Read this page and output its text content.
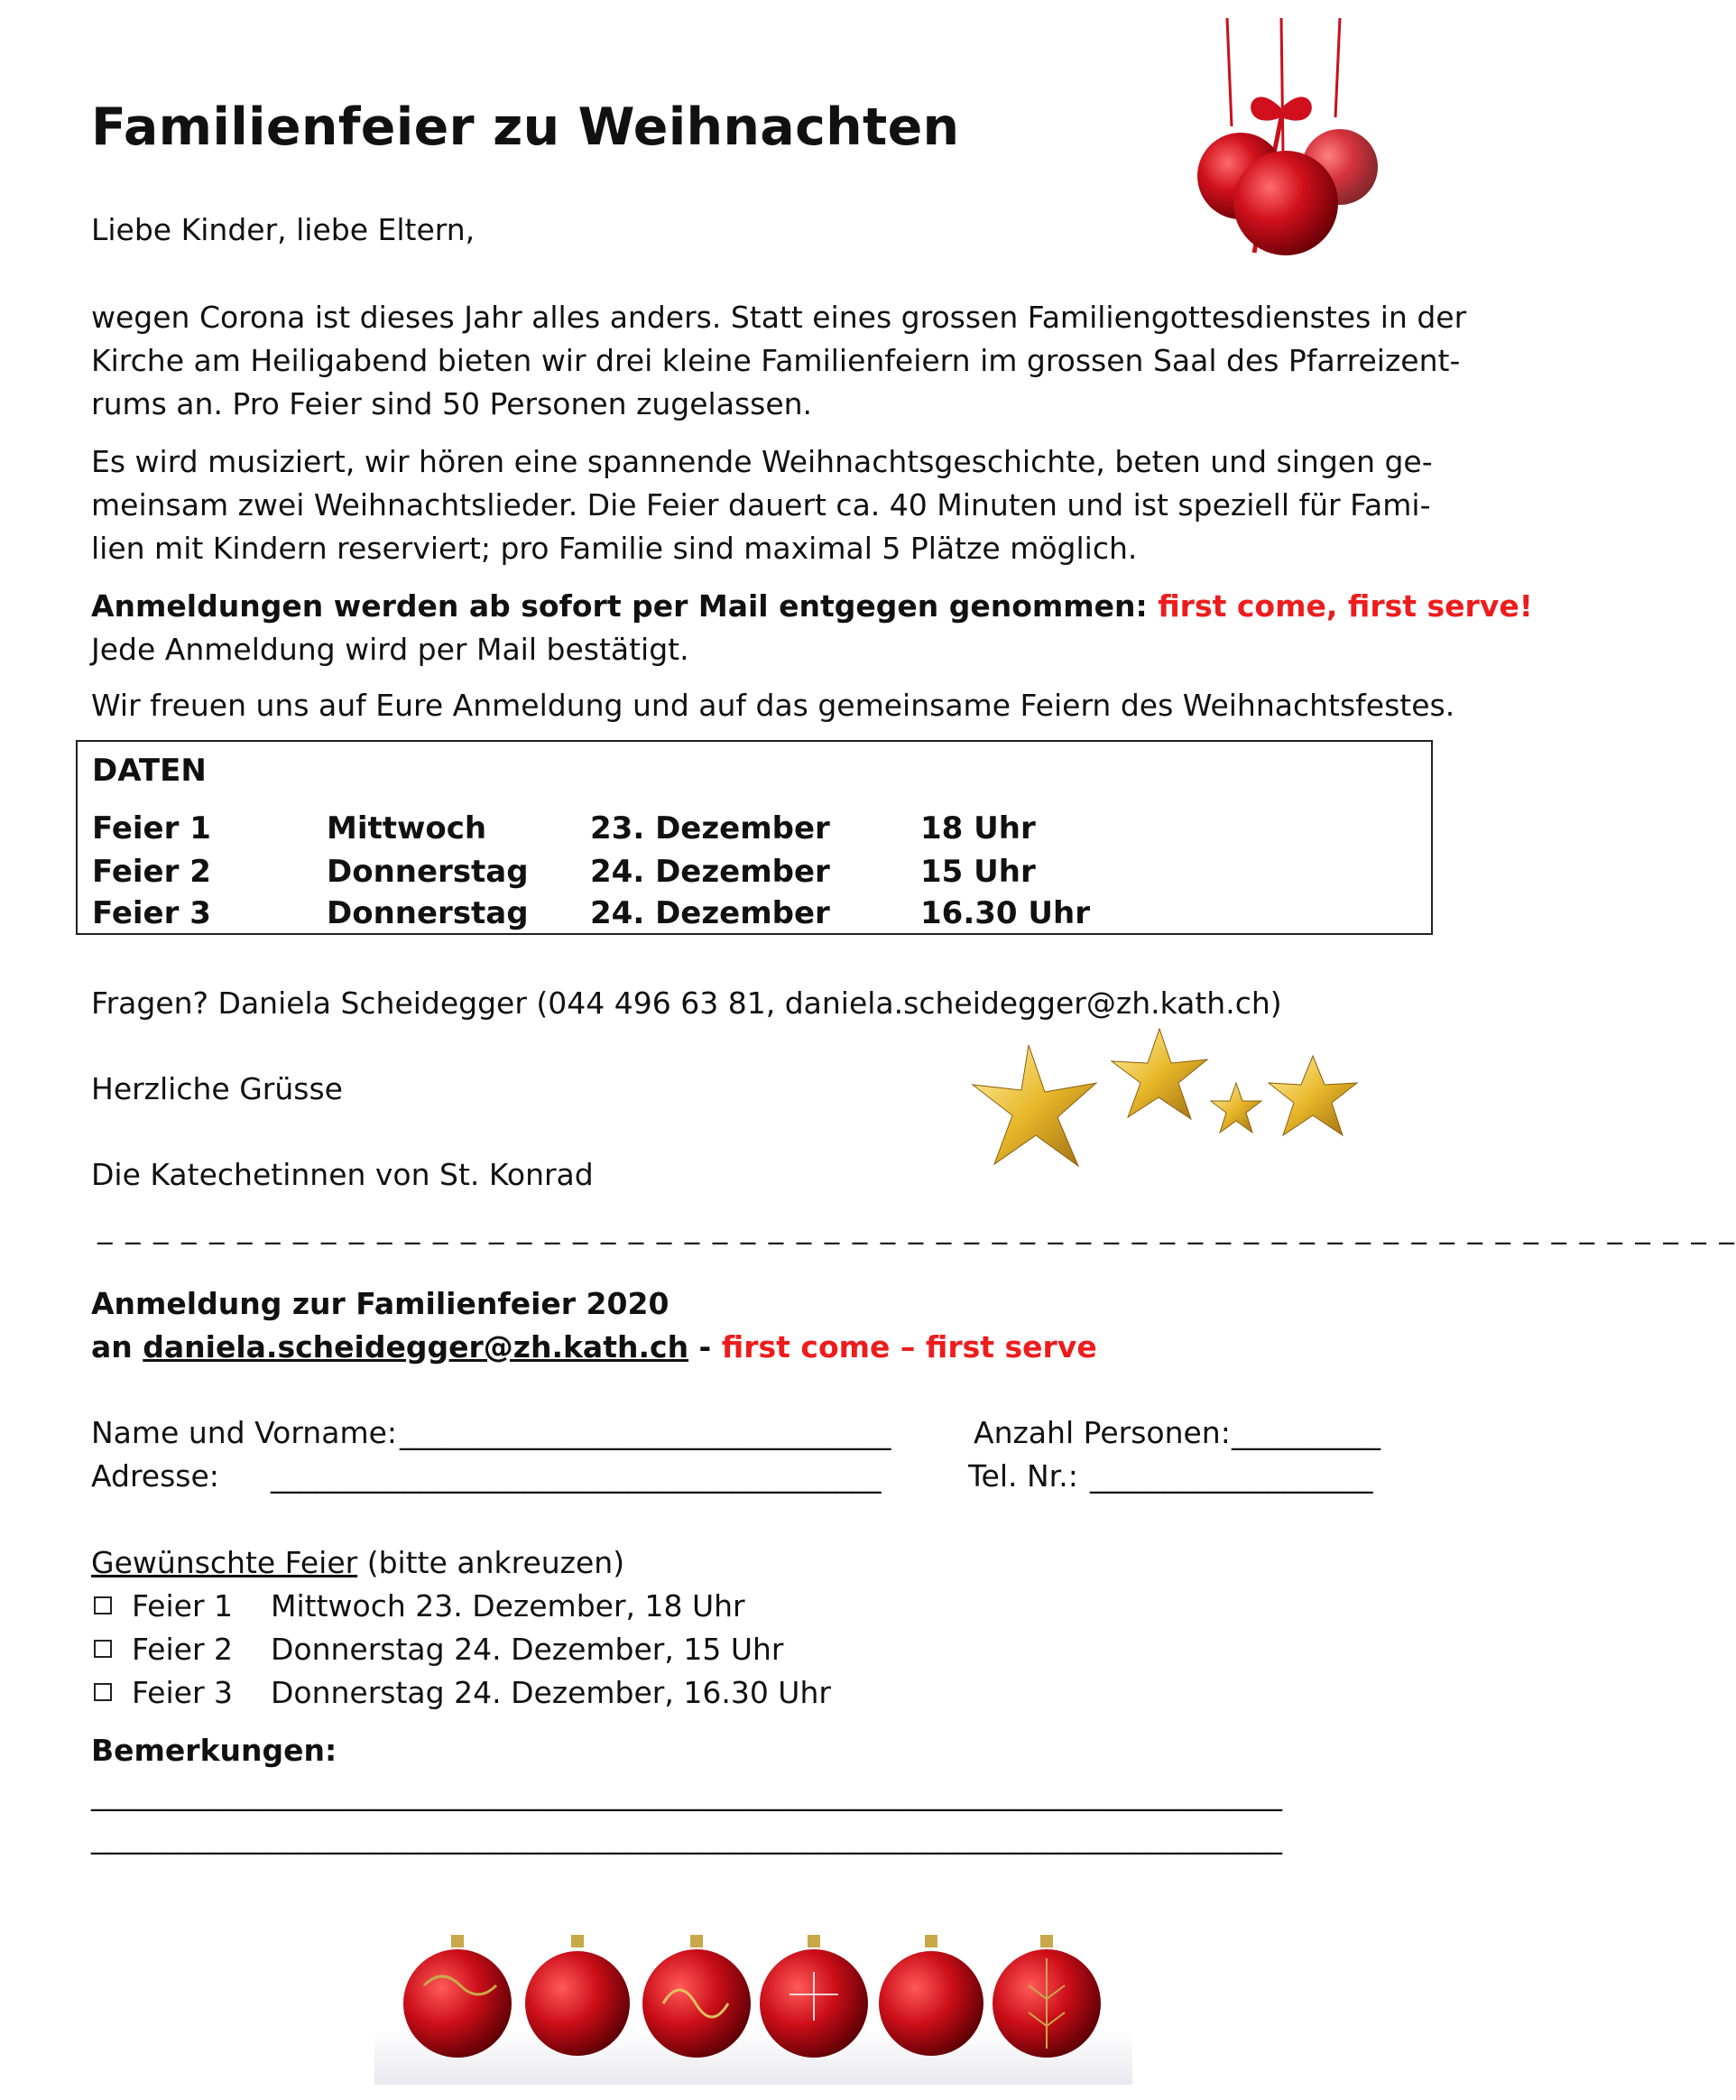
Familienfeier zu Weihnachten
Liebe Kinder, liebe Eltern,
wegen Corona ist dieses Jahr alles anders. Statt eines grossen Familiengottesdienstes in der
Kirche am Heiligabend bieten wir drei kleine Familienfeiern im grossen Saal des Pfarreizent-
rums an. Pro Feier sind 50 Personen zugelassen.
Es wird musiziert, wir hören eine spannende Weihnachtsgeschichte, beten und singen ge-
meinsam zwei Weihnachtslieder. Die Feier dauert ca. 40 Minuten und ist speziell für Fami-
lien mit Kindern reserviert; pro Familie sind maximal 5 Plätze möglich.
Anmeldungen werden ab sofort per Mail entgegen genommen: first come, first serve!
Jede Anmeldung wird per Mail bestätigt.
Wir freuen uns auf Eure Anmeldung und auf das gemeinsame Feiern des Weihnachtsfestes.
DATEN
Feier 1	Mittwoch	23. Dezember	18 Uhr
Feier 2	Donnerstag 24. Dezember	15 Uhr
Feier 3	Donnerstag 24. Dezember	16.30 Uhr
Fragen? Daniela Scheidegger (044 496 63 81, daniela.scheidegger@zh.kath.ch)
Herzliche Grüsse
Die Katechetinnen von St. Konrad
_ _ _ _ _ _ _ _ _ _ _ _ _ _ _ _ _ _ _ _ _ _ _ _ _ _ _ _ _ _ _ _ _ _ _ _ _ _ _ _ _ _ _ _ _ _ _ _ _ _ _ _ _ _ _ _ _ _ _
Anmeldung zur Familienfeier 2020
an daniela.scheidegger@zh.kath.ch - first come – first serve
Name und Vorname: _________________________________	Anzahl Personen: __________
Adresse: _________________________________________	Tel. Nr.: ___________________
Gewünschte Feier (bitte ankreuzen)
Feier 1 Mittwoch 23. Dezember, 18 Uhr
Feier 2 Donnerstag 24. Dezember, 15 Uhr
Feier 3 Donnerstag 24. Dezember, 16.30 Uhr
Bemerkungen:
________________________________________________________________________________
________________________________________________________________________________
